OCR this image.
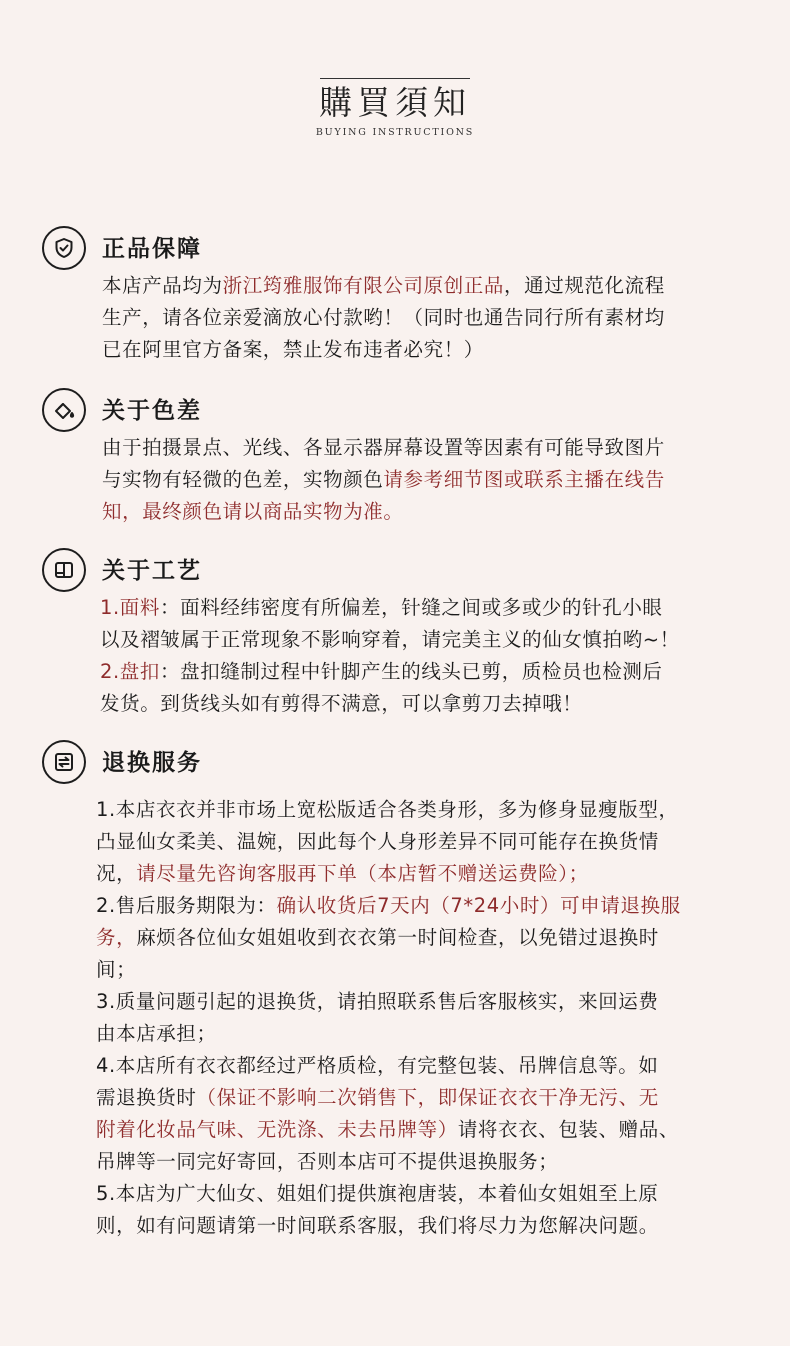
購買須知
BUYING INSTRUCTIONS
正品保障
本店产品均为浙江筠雅服饰有限公司原创正品，通过规范化流程
生产，请各位亲爱滴放心付款哟！（同时也通告同行所有素材均
已在阿里官方备案，禁止发布违者必究！）
关于色差
由于拍摄景点、光线、各显示器屏幕设置等因素有可能导致图片
与实物有轻微的色差，实物颜色请参考细节图或联系主播在线告
知，最终颜色请以商品实物为准。
关于工艺
1.面料：面料经纬密度有所偏差，针缝之间或多或少的针孔小眼
以及褶皱属于正常现象不影响穿着，请完美主义的仙女慎拍哟~！
2.盘扣：盘扣缝制过程中针脚产生的线头已剪，质检员也检测后
发货。到货线头如有剪得不满意，可以拿剪刀去掉哦！
退换服务
1.本店衣衣并非市场上宽松版适合各类身形，多为修身显瘦版型，
凸显仙女柔美、温婉，因此每个人身形差异不同可能存在换货情
况，请尽量先咨询客服再下单（本店暂不赠送运费险）；
2.售后服务期限为：确认收货后7天内（7*24小时）可申请退换服
务，麻烦各位仙女姐姐收到衣衣第一时间检查，以免错过退换时
间；
3.质量问题引起的退换货，请拍照联系售后客服核实，来回运费
由本店承担；
4.本店所有衣衣都经过严格质检，有完整包装、吊牌信息等。如
需退换货时（保证不影响二次销售下，即保证衣衣干净无污、无
附着化妆品气味、无洗涤、未去吊牌等）请将衣衣、包装、赠品、
吊牌等一同完好寄回，否则本店可不提供退换服务；
5.本店为广大仙女、姐姐们提供旗袍唐装，本着仙女姐姐至上原
则，如有问题请第一时间联系客服，我们将尽力为您解决问题。
